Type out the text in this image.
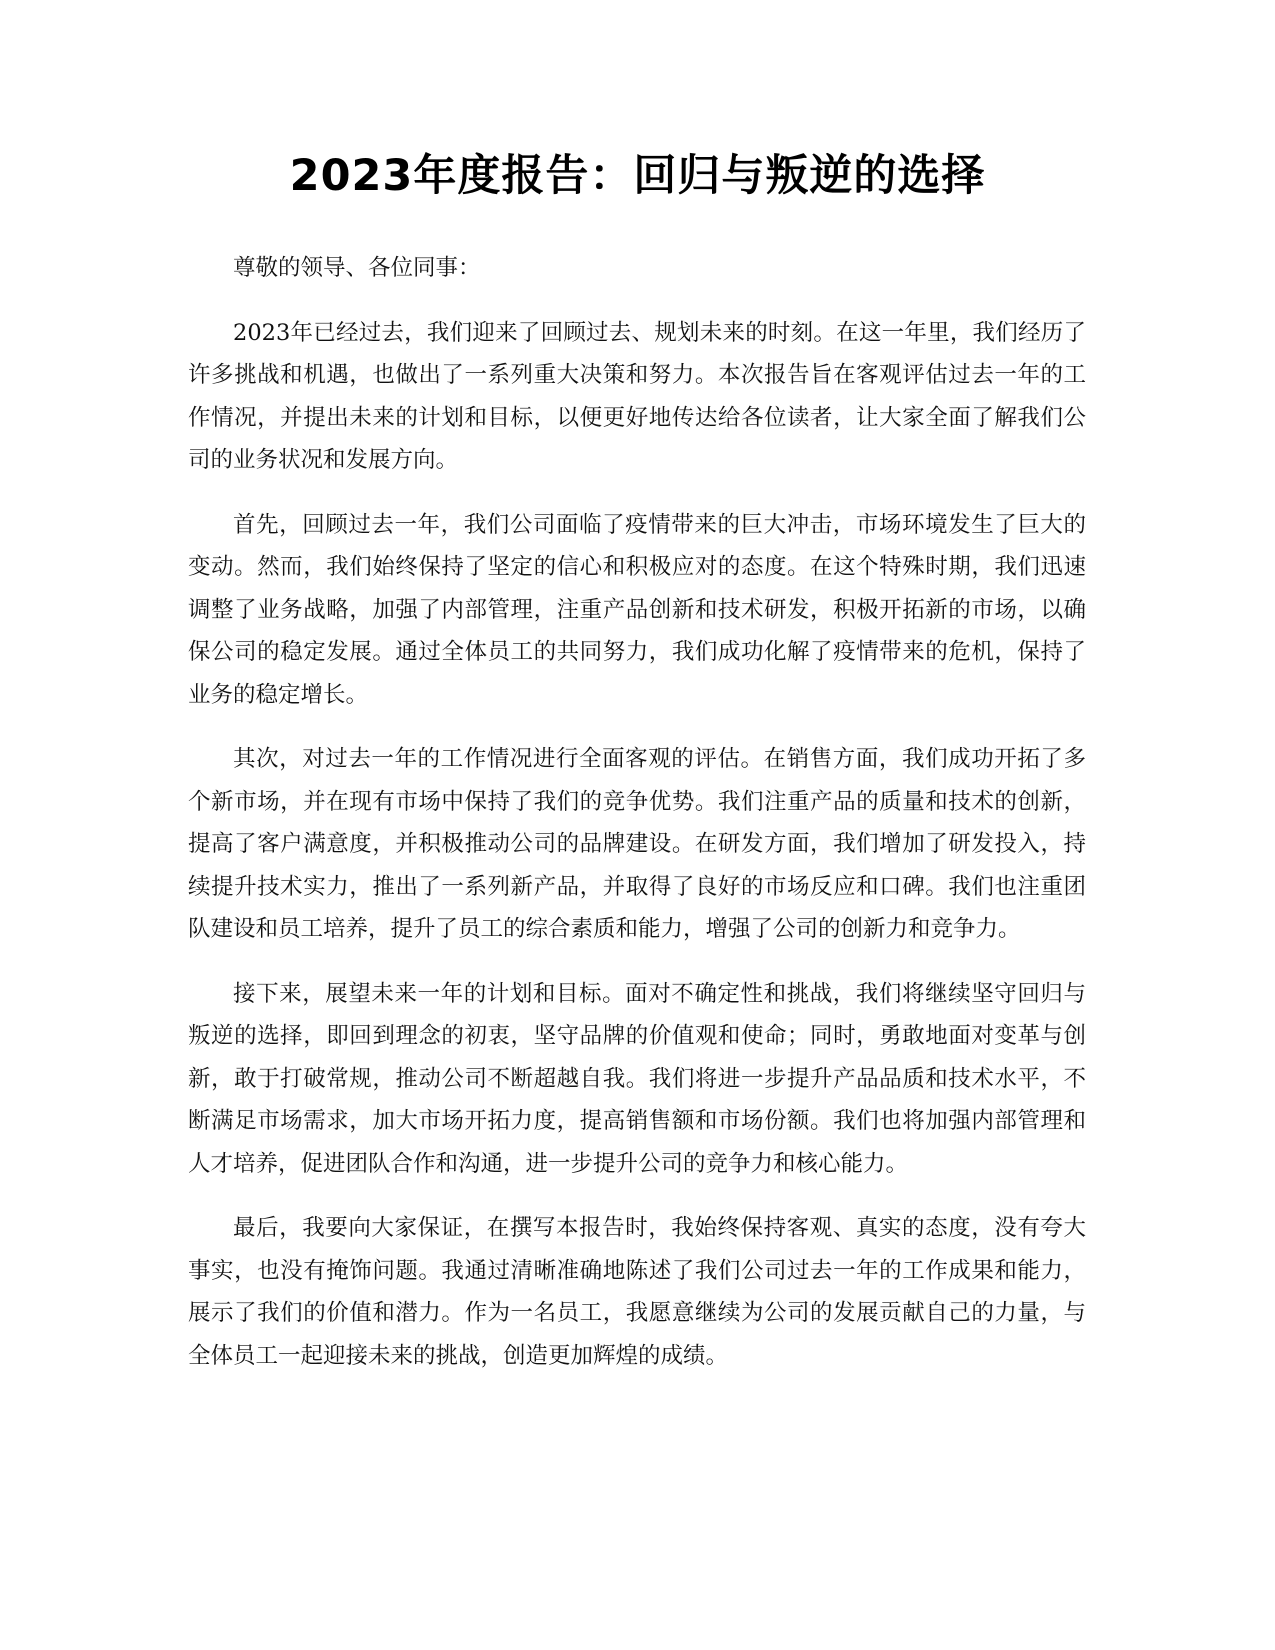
2023年度报告：回归与叛逆的选择

尊敬的领导、各位同事：

2023年已经过去，我们迎来了回顾过去、规划未来的时刻。在这一年里，我们经历了许多挑战和机遇，也做出了一系列重大决策和努力。本次报告旨在客观评估过去一年的工作情况，并提出未来的计划和目标，以便更好地传达给各位读者，让大家全面了解我们公司的业务状况和发展方向。

首先，回顾过去一年，我们公司面临了疫情带来的巨大冲击，市场环境发生了巨大的变动。然而，我们始终保持了坚定的信心和积极应对的态度。在这个特殊时期，我们迅速调整了业务战略，加强了内部管理，注重产品创新和技术研发，积极开拓新的市场，以确保公司的稳定发展。通过全体员工的共同努力，我们成功化解了疫情带来的危机，保持了业务的稳定增长。

其次，对过去一年的工作情况进行全面客观的评估。在销售方面，我们成功开拓了多个新市场，并在现有市场中保持了我们的竞争优势。我们注重产品的质量和技术的创新，提高了客户满意度，并积极推动公司的品牌建设。在研发方面，我们增加了研发投入，持续提升技术实力，推出了一系列新产品，并取得了良好的市场反应和口碑。我们也注重团队建设和员工培养，提升了员工的综合素质和能力，增强了公司的创新力和竞争力。

接下来，展望未来一年的计划和目标。面对不确定性和挑战，我们将继续坚守回归与叛逆的选择，即回到理念的初衷，坚守品牌的价值观和使命；同时，勇敢地面对变革与创新，敢于打破常规，推动公司不断超越自我。我们将进一步提升产品品质和技术水平，不断满足市场需求，加大市场开拓力度，提高销售额和市场份额。我们也将加强内部管理和人才培养，促进团队合作和沟通，进一步提升公司的竞争力和核心能力。

最后，我要向大家保证，在撰写本报告时，我始终保持客观、真实的态度，没有夸大事实，也没有掩饰问题。我通过清晰准确地陈述了我们公司过去一年的工作成果和能力，展示了我们的价值和潜力。作为一名员工，我愿意继续为公司的发展贡献自己的力量，与全体员工一起迎接未来的挑战，创造更加辉煌的成绩。
